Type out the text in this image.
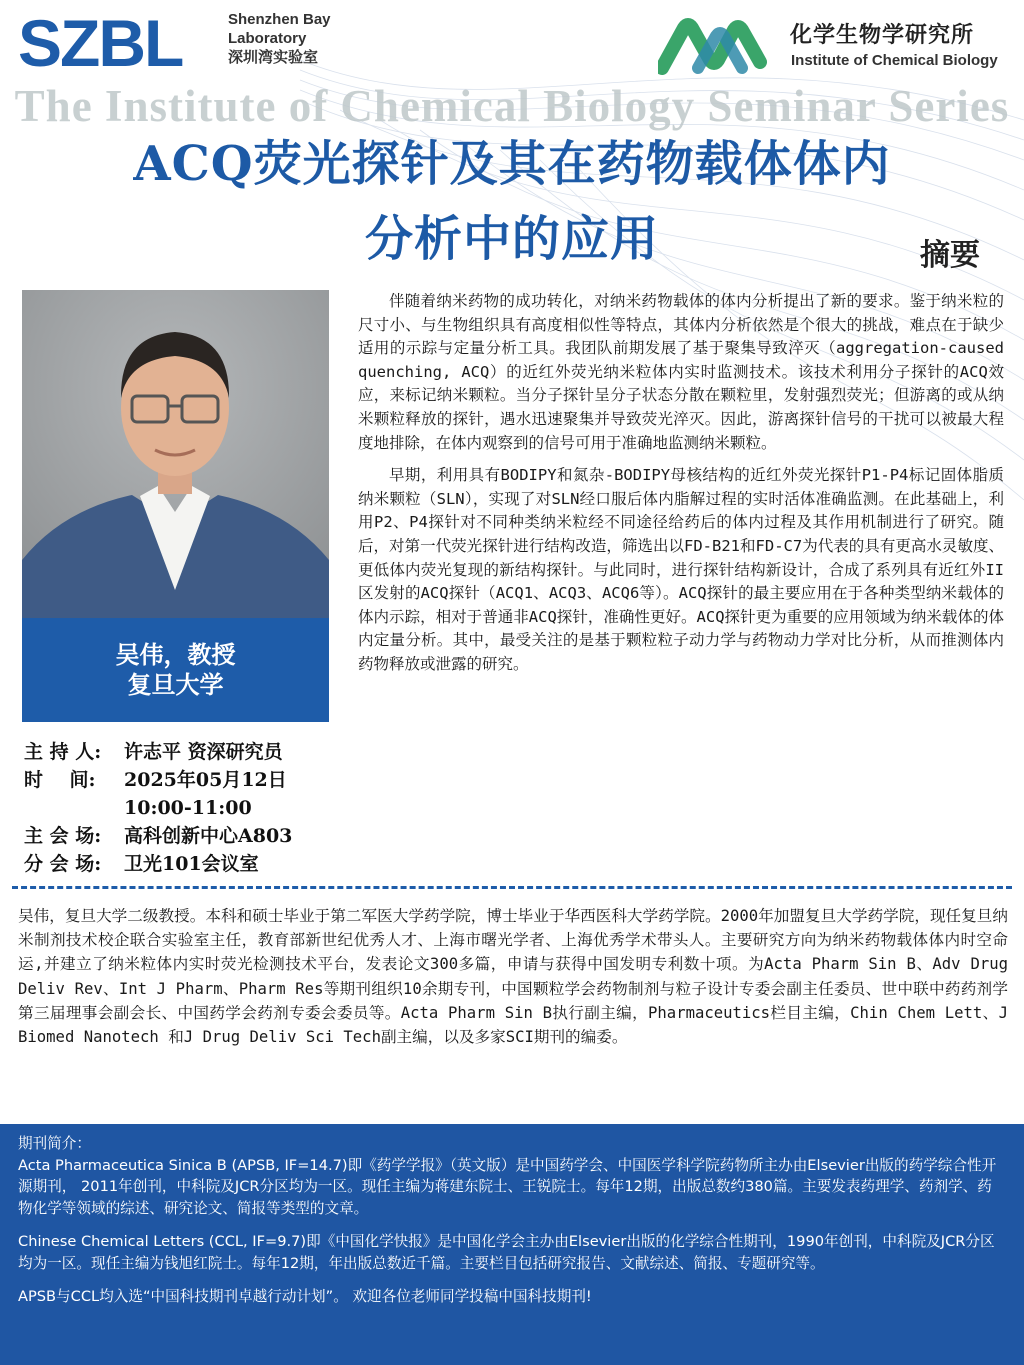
SZBL	Shenzhen Bay
Laboratory
深圳湾实验室
化学生物学研究所
Institute of Chemical Biology
The Institute of Chemical Biology Seminar Series
ACQ荧光探针及其在药物载体体内
分析中的应用	摘要
吴伟，教授
复旦大学
主 持 人:	许志平 资深研究员
时    间:	2025年05月12日
10:00-11:00
主 会 场:	高科创新中心A803
分 会 场:	卫光101会议室

伴随着纳米药物的成功转化，对纳米药物载体的体内分析提出了新的要求。鉴于纳米粒的尺寸小、与生物组织具有高度相似性等特点，其体内分析依然是个很大的挑战，难点在于缺少适用的示踪与定量分析工具。我团队前期发展了基于聚集导致淬灭（aggregation-caused quenching, ACQ）的近红外荧光纳米粒体内实时监测技术。该技术利用分子探针的ACQ效应，来标记纳米颗粒。当分子探针呈分子状态分散在颗粒里，发射强烈荧光；但游离的或从纳米颗粒释放的探针，遇水迅速聚集并导致荧光淬灭。因此，游离探针信号的干扰可以被最大程度地排除，在体内观察到的信号可用于准确地监测纳米颗粒。

早期，利用具有BODIPY和氮杂-BODIPY母核结构的近红外荧光探针P1-P4标记固体脂质纳米颗粒（SLN），实现了对SLN经口服后体内脂解过程的实时活体准确监测。在此基础上，利用P2、P4探针对不同种类纳米粒经不同途径给药后的体内过程及其作用机制进行了研究。随后，对第一代荧光探针进行结构改造，筛选出以FD-B21和FD-C7为代表的具有更高水灵敏度、更低体内荧光复现的新结构探针。与此同时，进行探针结构新设计，合成了系列具有近红外II区发射的ACQ探针（ACQ1、ACQ3、ACQ6等）。ACQ探针的最主要应用在于各种类型纳米载体的体内示踪，相对于普通非ACQ探针，准确性更好。ACQ探针更为重要的应用领域为纳米载体的体内定量分析。其中，最受关注的是基于颗粒粒子动力学与药物动力学对比分析，从而推测体内药物释放或泄露的研究。

吴伟，复旦大学二级教授。本科和硕士毕业于第二军医大学药学院，博士毕业于华西医科大学药学院。2000年加盟复旦大学药学院，现任复旦纳米制剂技术校企联合实验室主任，教育部新世纪优秀人才、上海市曙光学者、上海优秀学术带头人。主要研究方向为纳米药物载体体内时空命运,并建立了纳米粒体内实时荧光检测技术平台，发表论文300多篇，申请与获得中国发明专利数十项。为Acta Pharm Sin B、Adv Drug Deliv Rev、Int J Pharm、Pharm Res等期刊组织10余期专刊，中国颗粒学会药物制剂与粒子设计专委会副主任委员、世中联中药药剂学第三届理事会副会长、中国药学会药剂专委会委员等。Acta Pharm Sin B执行副主编，Pharmaceutics栏目主编，Chin Chem Lett、J Biomed Nanotech 和J Drug Deliv Sci Tech副主编，以及多家SCI期刊的编委。

期刊简介：

Acta Pharmaceutica Sinica B (APSB, IF=14.7)即《药学学报》（英文版）是中国药学会、中国医学科学院药物所主办由Elsevier出版的药学综合性开源期刊， 2011年创刊，中科院及JCR分区均为一区。现任主编为蒋建东院士、王锐院士。每年12期，出版总数约380篇。主要发表药理学、药剂学、药物化学等领域的综述、研究论文、简报等类型的文章。

Chinese Chemical Letters (CCL, IF=9.7)即《中国化学快报》是中国化学会主办由Elsevier出版的化学综合性期刊，1990年创刊，中科院及JCR分区均为一区。现任主编为钱旭红院士。每年12期，年出版总数近千篇。主要栏目包括研究报告、文献综述、简报、专题研究等。

APSB与CCL均入选“中国科技期刊卓越行动计划”。 欢迎各位老师同学投稿中国科技期刊!
